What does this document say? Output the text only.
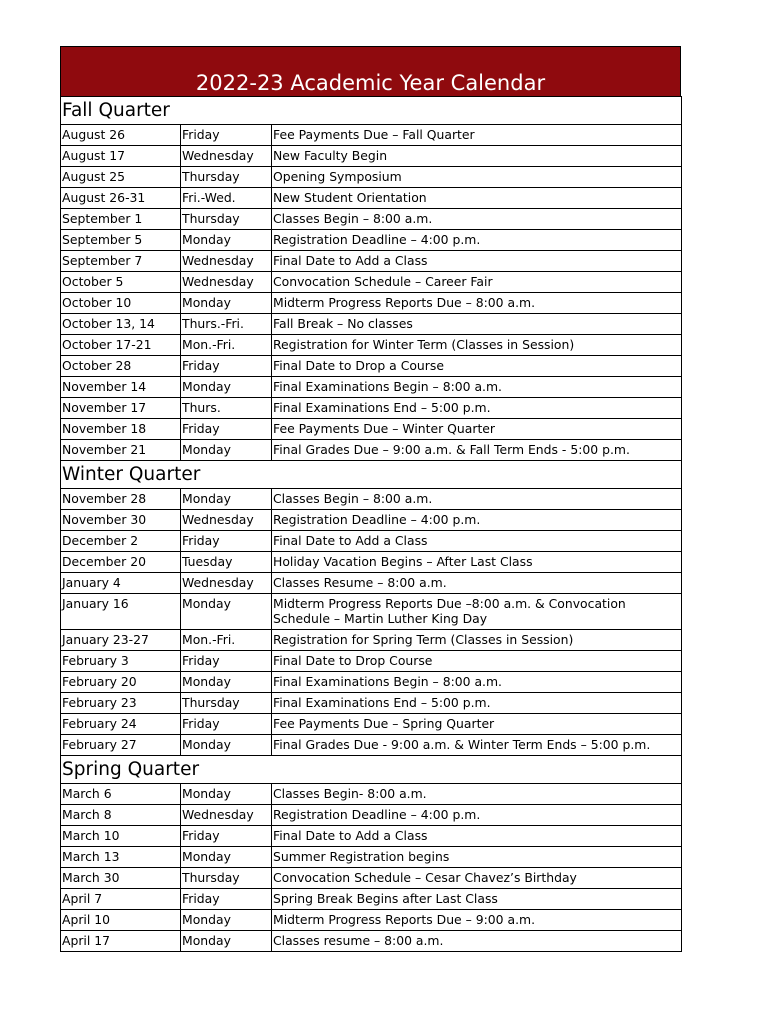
2022-23 Academic Year Calendar
Fall Quarter		
August 26	Friday	Fee Payments Due – Fall Quarter
August 17	Wednesday	New Faculty Begin
August 25	Thursday	Opening Symposium
August 26-31	Fri.-Wed.	New Student Orientation
September 1	Thursday	Classes Begin – 8:00 a.m.
September 5	Monday	Registration Deadline – 4:00 p.m.
September 7	Wednesday	Final Date to Add a Class
October 5	Wednesday	Convocation Schedule – Career Fair
October 10	Monday	Midterm Progress Reports Due – 8:00 a.m.
October 13, 14	Thurs.-Fri.	Fall Break – No classes
October 17-21	Mon.-Fri.	Registration for Winter Term (Classes in Session)
October 28	Friday	Final Date to Drop a Course
November 14	Monday	Final Examinations Begin – 8:00 a.m.
November 17	Thurs.	Final Examinations End – 5:00 p.m.
November 18	Friday	Fee Payments Due – Winter Quarter
November 21	Monday	Final Grades Due – 9:00 a.m. & Fall Term Ends - 5:00 p.m.
Winter Quarter		
November 28	Monday	Classes Begin – 8:00 a.m.
November 30	Wednesday	Registration Deadline – 4:00 p.m.
December 2	Friday	Final Date to Add a Class
December 20	Tuesday	Holiday Vacation Begins – After Last Class
January 4	Wednesday	Classes Resume – 8:00 a.m.
January 16	Monday	Midterm Progress Reports Due –8:00 a.m. & Convocation Schedule – Martin Luther King Day
January 23-27	Mon.-Fri.	Registration for Spring Term (Classes in Session)
February 3	Friday	Final Date to Drop Course
February 20	Monday	Final Examinations Begin – 8:00 a.m.
February 23	Thursday	Final Examinations End – 5:00 p.m.
February 24	Friday	Fee Payments Due – Spring Quarter
February 27	Monday	Final Grades Due - 9:00 a.m. & Winter Term Ends – 5:00 p.m.
Spring Quarter		
March 6	Monday	Classes Begin- 8:00 a.m.
March 8	Wednesday	Registration Deadline – 4:00 p.m.
March 10	Friday	Final Date to Add a Class
March 13	Monday	Summer Registration begins
March 30	Thursday	Convocation Schedule – Cesar Chavez’s Birthday
April 7	Friday	Spring Break Begins after Last Class
April 10	Monday	Midterm Progress Reports Due – 9:00 a.m.
April 17	Monday	Classes resume – 8:00 a.m.
